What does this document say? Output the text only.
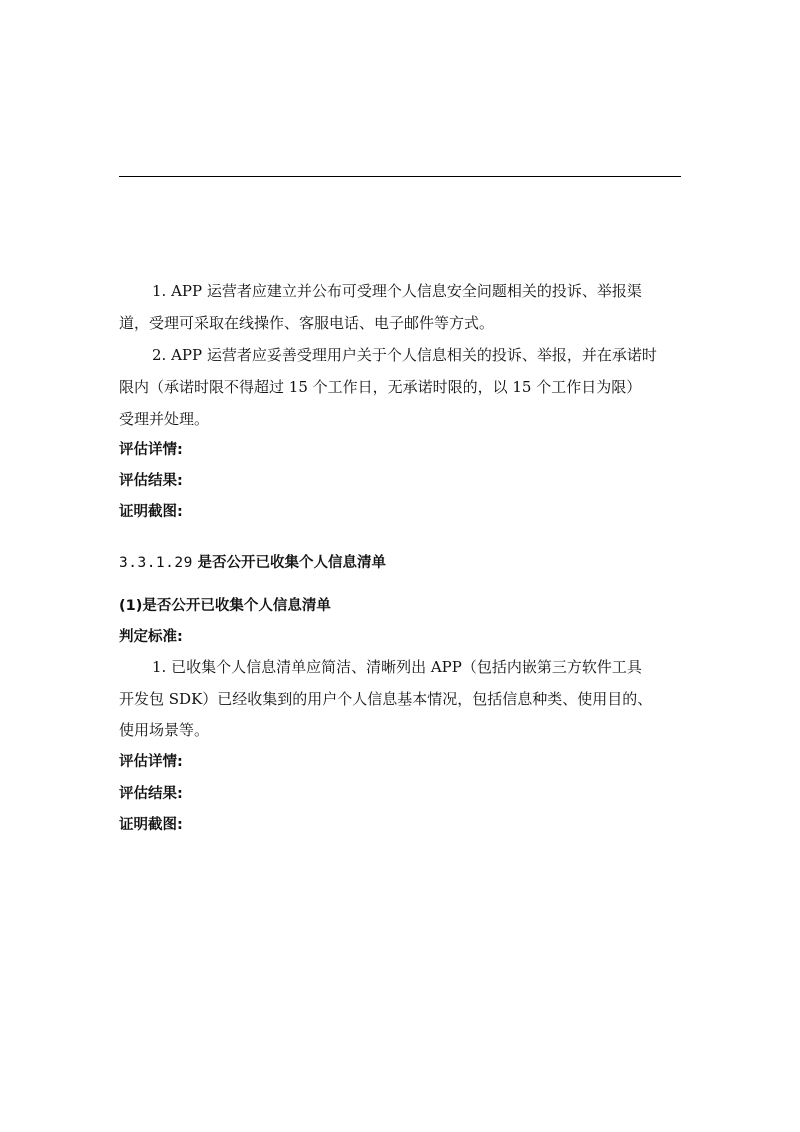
1. APP 运营者应建立并公布可受理个人信息安全问题相关的投诉、举报渠
道，受理可采取在线操作、客服电话、电子邮件等方式。
2. APP 运营者应妥善受理用户关于个人信息相关的投诉、举报，并在承诺时
限内（承诺时限不得超过 15 个工作日，无承诺时限的，以 15 个工作日为限）
受理并处理。
评估详情:
评估结果:
证明截图:
3.3.1.29 是否公开已收集个人信息清单
(1)是否公开已收集个人信息清单
判定标准:
1. 已收集个人信息清单应简洁、清晰列出 APP（包括内嵌第三方软件工具
开发包 SDK）已经收集到的用户个人信息基本情况，包括信息种类、使用目的、
使用场景等。
评估详情:
评估结果:
证明截图:
